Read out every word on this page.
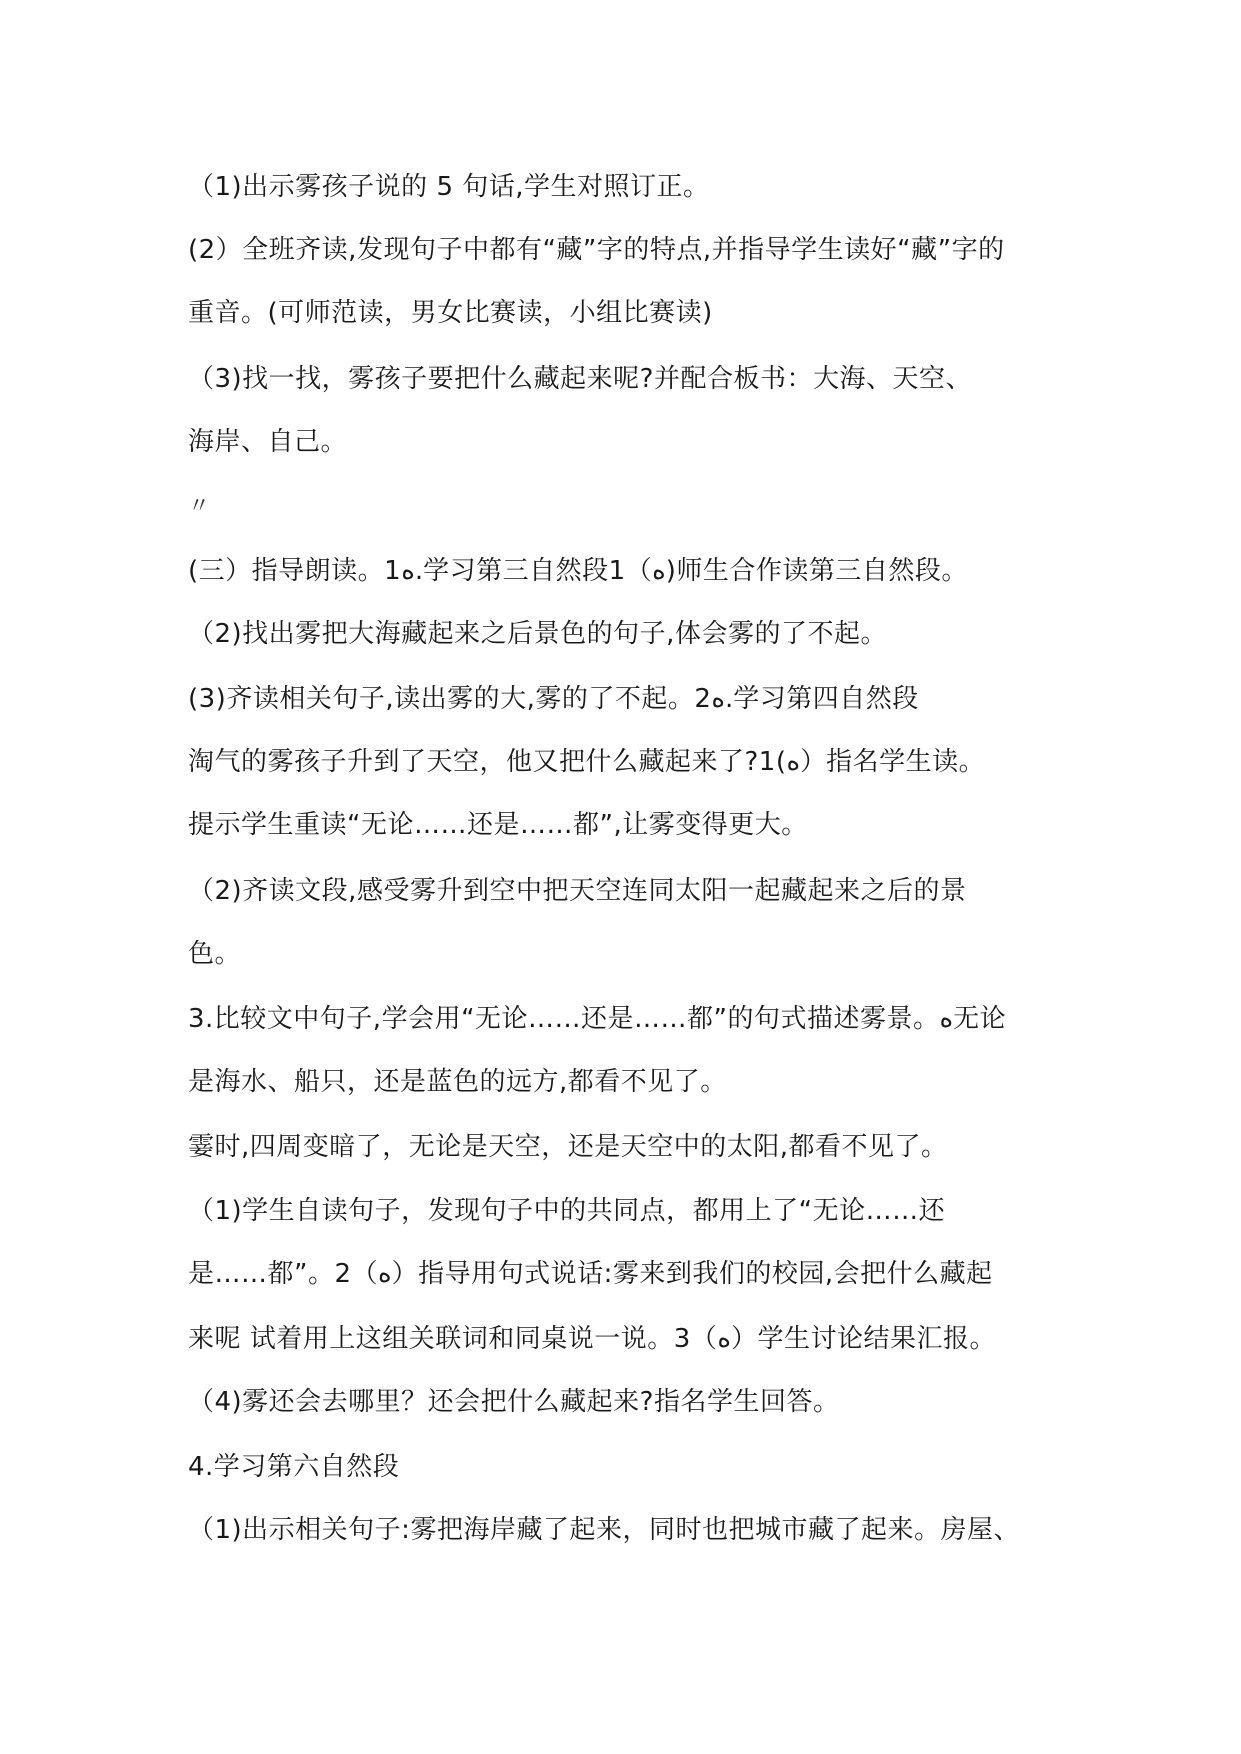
（1)出示雾孩子说的 5 句话,学生对照订正。
(2）全班齐读,发现句子中都有“藏”字的特点,并指导学生读好“藏”字的
重音。(可师范读，男女比赛读，小组比赛读)
（3)找一找，雾孩子要把什么藏起来呢?并配合板书：大海、天空、
海岸、自己。
〃
(三）指导朗读。1ه.学习第三自然段1（ه)师生合作读第三自然段。
（2)找出雾把大海藏起来之后景色的句子,体会雾的了不起。
(3)齐读相关句子,读出雾的大,雾的了不起。2ه.学习第四自然段
淘气的雾孩子升到了天空，他又把什么藏起来了?1(ه）指名学生读。
提示学生重读“无论……还是……都”,让雾变得更大。
（2)齐读文段,感受雾升到空中把天空连同太阳一起藏起来之后的景
色。
3.比较文中句子,学会用“无论……还是……都”的句式描述雾景。ه无论
是海水、船只，还是蓝色的远方,都看不见了。
霎时,四周变暗了，无论是天空，还是天空中的太阳,都看不见了。
（1)学生自读句子，发现句子中的共同点，都用上了“无论……还
是……都”。2（ه）指导用句式说话:雾来到我们的校园,会把什么藏起
来呢 试着用上这组关联词和同桌说一说。3（ه）学生讨论结果汇报。
（4)雾还会去哪里？还会把什么藏起来?指名学生回答。
4.学习第六自然段
（1)出示相关句子:雾把海岸藏了起来，同时也把城市藏了起来。房屋、
